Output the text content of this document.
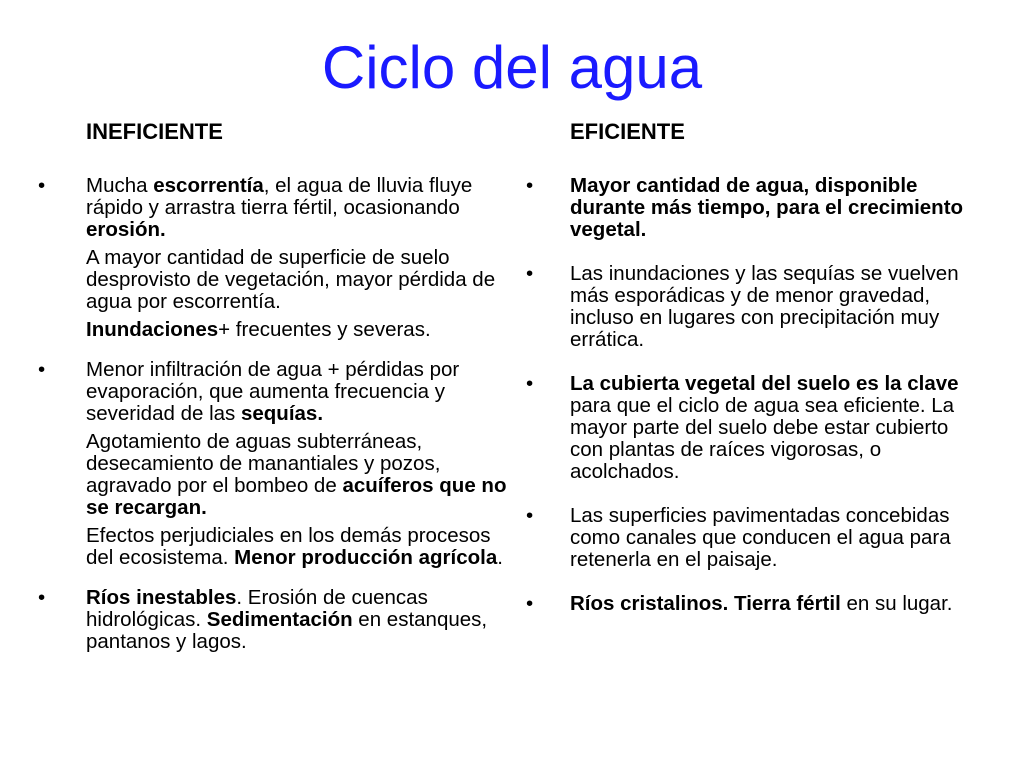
Ciclo del agua
INEFICIENTE
• Mucha escorrentía, el agua de lluvia fluye rápido y arrastra tierra fértil, ocasionando erosión.

A mayor cantidad de superficie de suelo desprovisto de vegetación, mayor pérdida de agua por escorrentía.

Inundaciones+ frecuentes y severas.

• Menor infiltración de agua + pérdidas por evaporación, que aumenta frecuencia y severidad de las sequías.

Agotamiento de aguas subterráneas, desecamiento de manantiales y pozos, agravado por el bombeo de acuíferos que no se recargan.

Efectos perjudiciales en los demás procesos del ecosistema. Menor producción agrícola.

• Ríos inestables. Erosión de cuencas hidrológicas. Sedimentación en estanques, pantanos y lagos.

EFICIENTE
• Mayor cantidad de agua, disponible durante más tiempo, para el crecimiento vegetal.

• Las inundaciones y las sequías se vuelven más esporádicas y de menor gravedad, incluso en lugares con precipitación muy errática.

• La cubierta vegetal del suelo es la clave para que el ciclo de agua sea eficiente. La mayor parte del suelo debe estar cubierto con plantas de raíces vigorosas, o acolchados.

• Las superficies pavimentadas concebidas como canales que conducen el agua para retenerla en el paisaje.

• Ríos cristalinos. Tierra fértil en su lugar.
